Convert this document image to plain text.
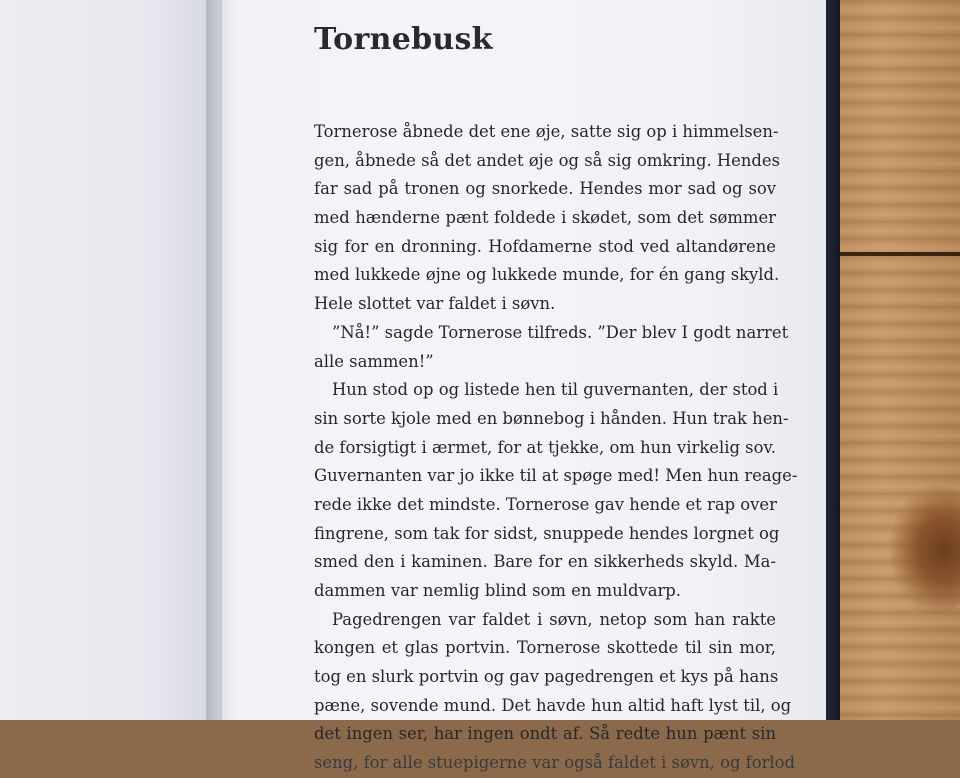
Tornebusk
Tornerose åbnede det ene øje, satte sig op i himmelsen-
gen, åbnede så det andet øje og så sig omkring. Hendes
far sad på tronen og snorkede. Hendes mor sad og sov
med hænderne pænt foldede i skødet, som det sømmer
sig for en dronning. Hofdamerne stod ved altandørene
med lukkede øjne og lukkede munde, for én gang skyld.
Hele slottet var faldet i søvn.
”Nå!” sagde Tornerose tilfreds. ”Der blev I godt narret
alle sammen!”
Hun stod op og listede hen til guvernanten, der stod i
sin sorte kjole med en bønnebog i hånden. Hun trak hen-
de forsigtigt i ærmet, for at tjekke, om hun virkelig sov.
Guvernanten var jo ikke til at spøge med! Men hun reage-
rede ikke det mindste. Tornerose gav hende et rap over
fingrene, som tak for sidst, snuppede hendes lorgnet og
smed den i kaminen. Bare for en sikkerheds skyld. Ma-
dammen var nemlig blind som en muldvarp.
Pagedrengen var faldet i søvn, netop som han rakte
kongen et glas portvin. Tornerose skottede til sin mor,
tog en slurk portvin og gav pagedrengen et kys på hans
pæne, sovende mund. Det havde hun altid haft lyst til, og
det ingen ser, har ingen ondt af. Så redte hun pænt sin
seng, for alle stuepigerne var også faldet i søvn, og forlod
